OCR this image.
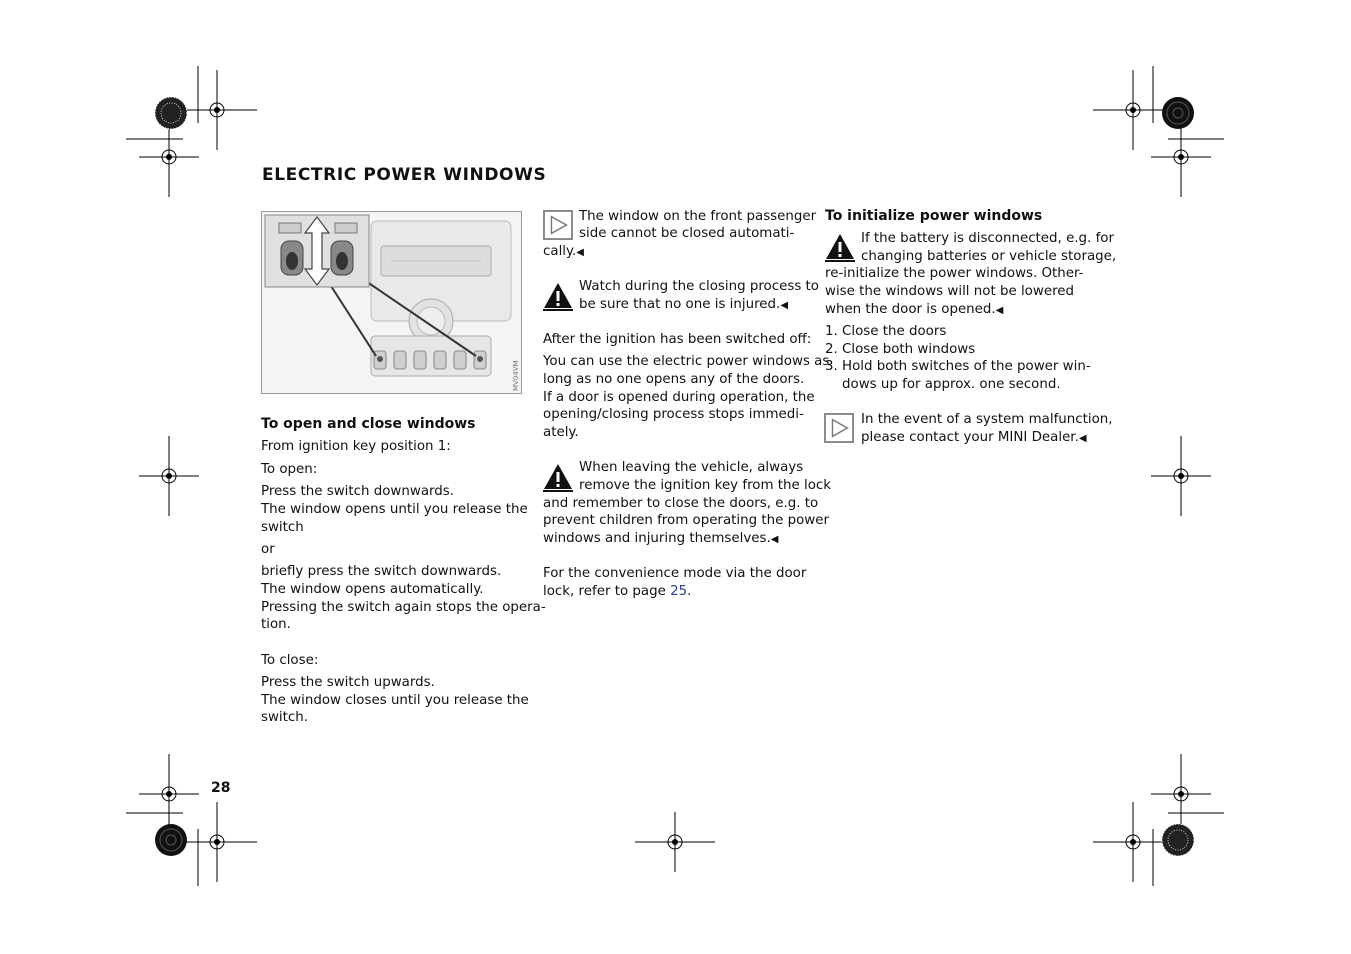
ELECTRIC POWER WINDOWS
MV04VM
To open and close windows
From ignition key position 1:
To open:
Press the switch downwards.
The window opens until you release the
switch
or
briefly press the switch downwards.
The window opens automatically.
Pressing the switch again stops the opera-
tion.
To close:
Press the switch upwards.
The window closes until you release the
switch.
The window on the front passenger
side cannot be closed automati-
cally.◀
Watch during the closing process to
be sure that no one is injured.◀
After the ignition has been switched off:
You can use the electric power windows as
long as no one opens any of the doors.
If a door is opened during operation, the
opening/closing process stops immedi-
ately.
When leaving the vehicle, always
remove the ignition key from the lock
and remember to close the doors, e.g. to
prevent children from operating the power
windows and injuring themselves.◀
For the convenience mode via the door
lock, refer to page 25.
To initialize power windows
If the battery is disconnected, e.g. for
changing batteries or vehicle storage,
re-initialize the power windows. Other-
wise the windows will not be lowered
when the door is opened.◀
1. Close the doors
2. Close both windows
3. Hold both switches of the power win-
dows up for approx. one second.
In the event of a system malfunction,
please contact your MINI Dealer.◀
28
